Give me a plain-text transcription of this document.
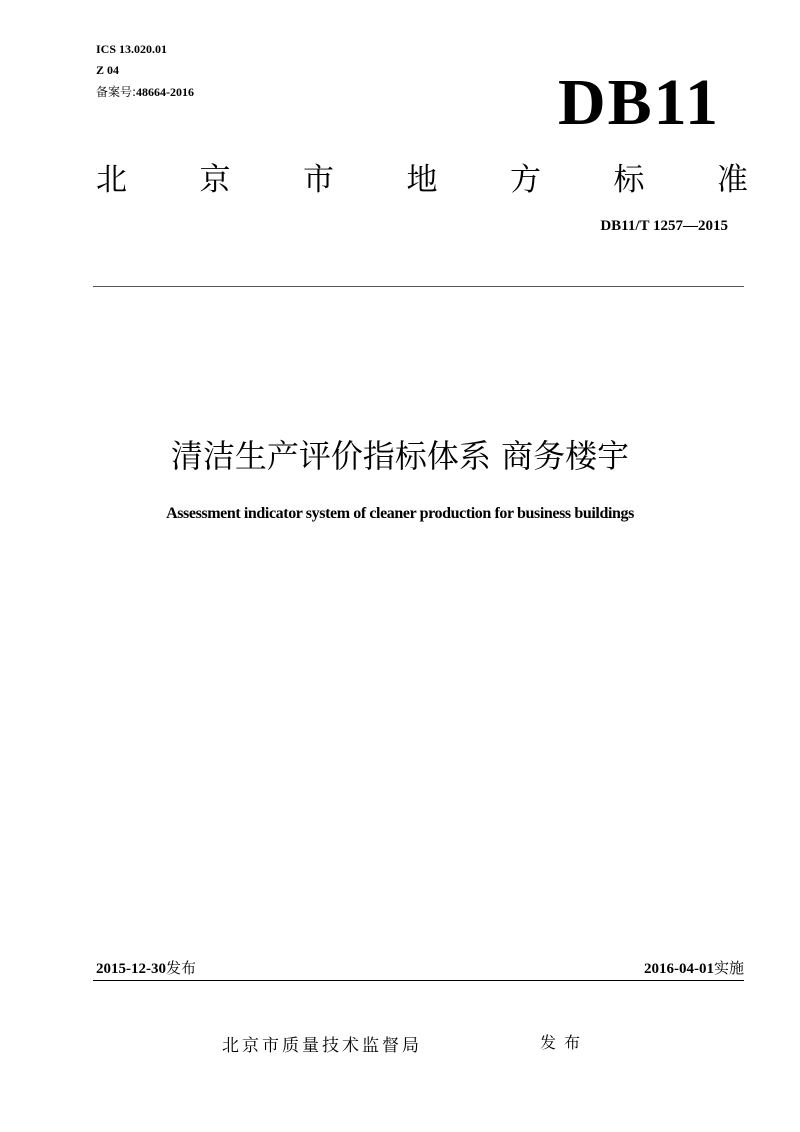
ICS 13.020.01
Z 04
备案号:48664-2016	DB11
北 京 市 地 方 标 准
DB11/T 1257—2015
清洁生产评价指标体系 商务楼宇
Assessment indicator system of cleaner production for business buildings
2015-12-30发布	2016-04-01实施
北京市质量技术监督局	发布
